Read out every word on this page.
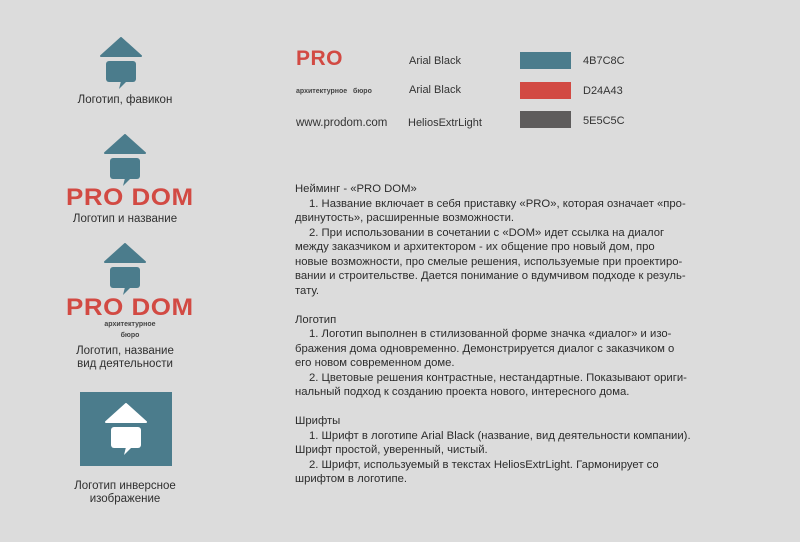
Логотип, фавикон
PRO DOM
Логотип и название
PRO DOM
архитектурное
бюро
Логотип, название
вид деятельности
Логотип инверсное
изображение
PRO	Arial Black
архитектурное   бюро	Arial Black
www.prodom.com HeliosExtrLight
4B7C8C
D24A43
5E5C5C

Нейминг - «PRO DOM»

1. Название включает в себя приставку «PRO», которая означает «про-

двинутость», расширенные возможности.

2. При использовании в сочетании с «DOM» идет ссылка на диалог

между заказчиком и архитектором - их общение про новый дом, про

новые возможности, про смелые решения, используемые при проектиро-

вании и строительстве. Дается понимание о вдумчивом подходе к резуль-

тату.

Логотип

1. Логотип выполнен в стилизованной форме значка «диалог» и изо-

бражения дома одновременно. Демонстрируется диалог с заказчиком о

его новом современном доме.

2. Цветовые решения контрастные, нестандартные. Показывают ориги-

нальный подход к созданию проекта нового, интересного дома.

Шрифты

1. Шрифт в логотипе Arial Black (название, вид деятельности компании).

Шрифт простой, уверенный, чистый.

2. Шрифт, используемый в текстах HeliosExtrLight. Гармонирует со

шрифтом в логотипе.
